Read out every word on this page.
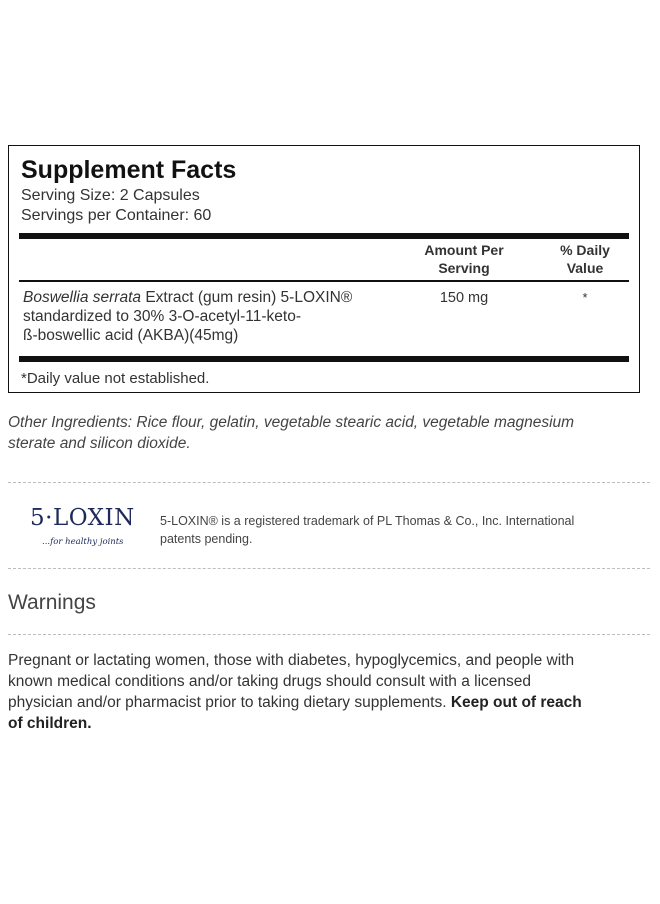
Supplement Facts
Serving Size: 2 Capsules
Servings per Container: 60
Amount Per
Serving
% Daily
Value
Boswellia serrata Extract (gum resin) 5-LOXIN®
standardized to 30% 3-O-acetyl-11-keto-
ß-boswellic acid (AKBA)(45mg)
150 mg	*
*Daily value not established.
Other Ingredients: Rice flour, gelatin, vegetable stearic acid, vegetable magnesium
sterate and silicon dioxide.
5·LOXIN
...for healthy joints
5-LOXIN® is a registered trademark of PL Thomas & Co., Inc. International
patents pending.
Warnings
Pregnant or lactating women, those with diabetes, hypoglycemics, and people with
known medical conditions and/or taking drugs should consult with a licensed
physician and/or pharmacist prior to taking dietary supplements. Keep out of reach
of children.
